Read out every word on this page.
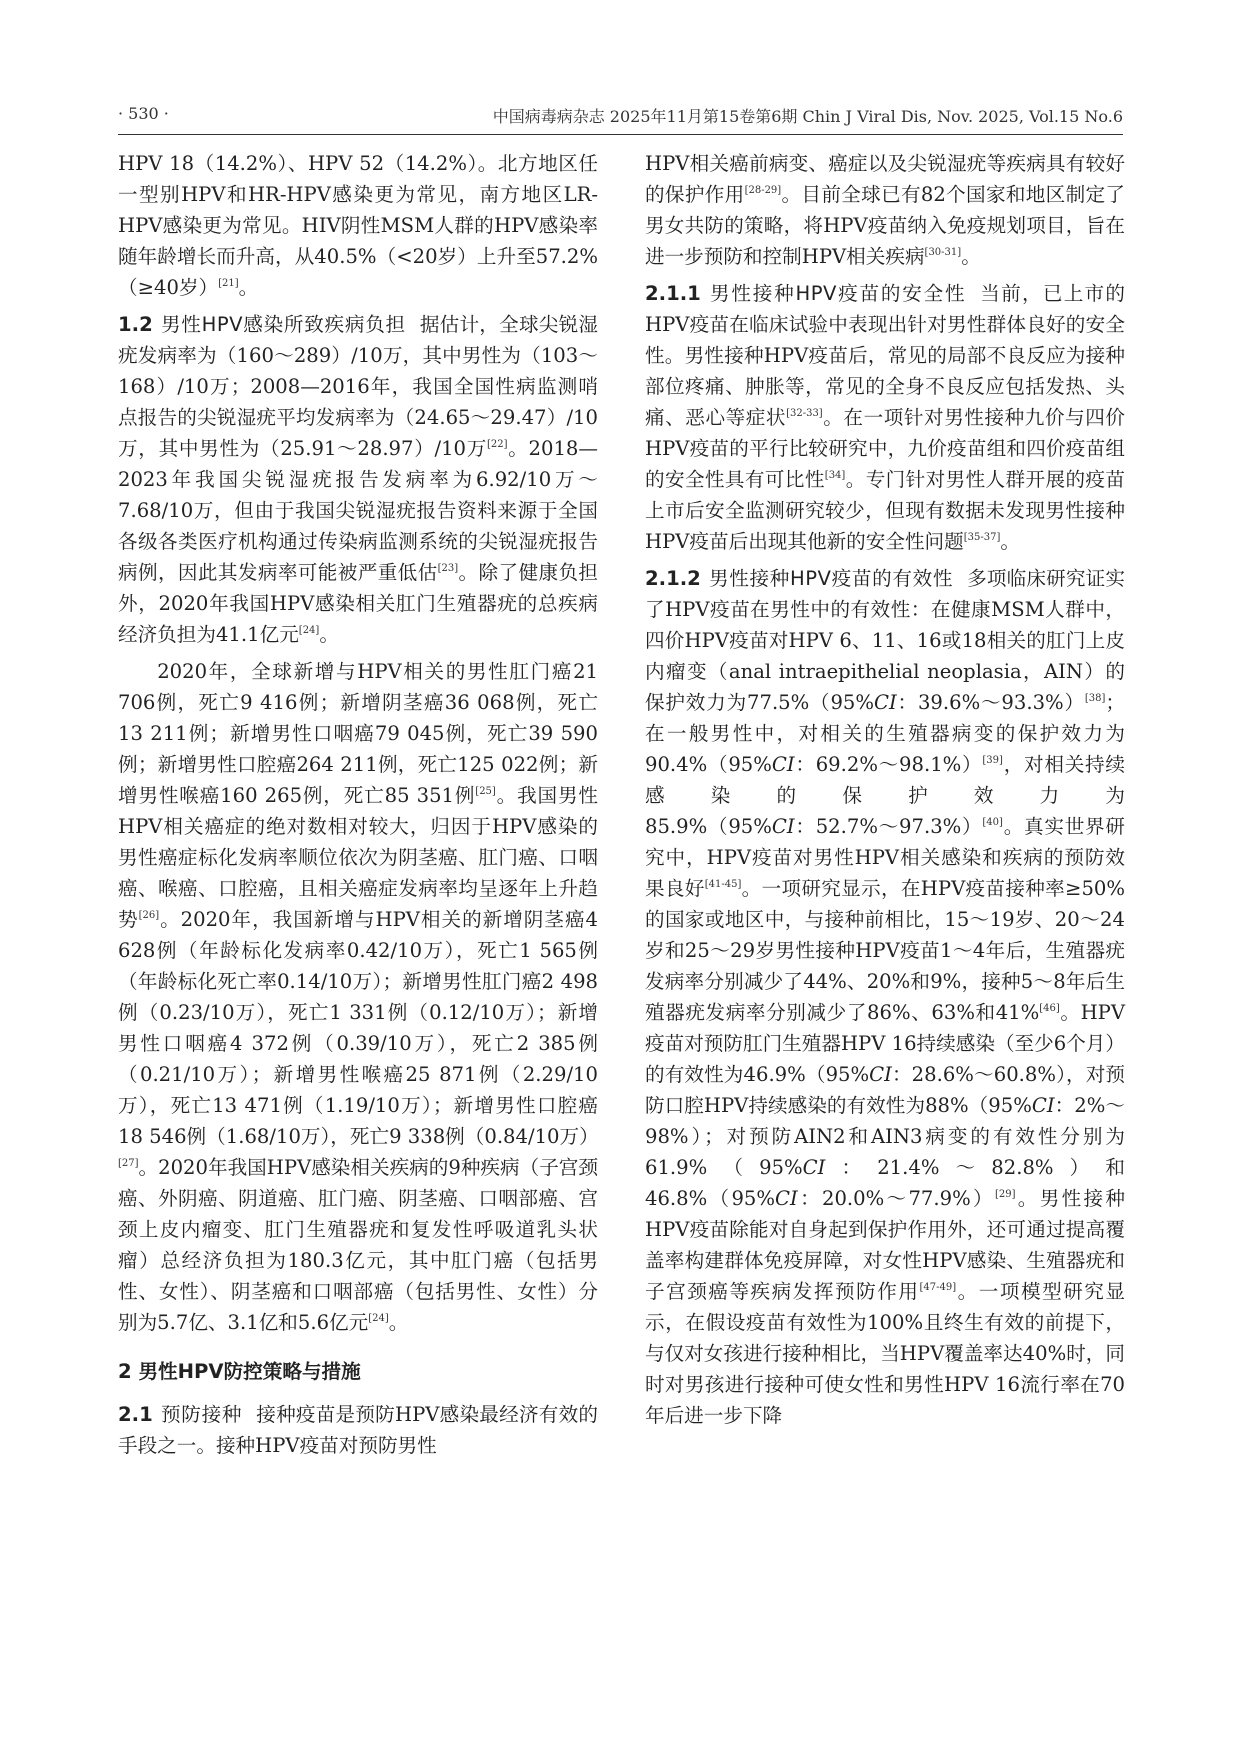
· 530 ·	中国病毒病杂志 2025年11月第15卷第6期 Chin J Viral Dis, Nov. 2025, Vol.15 No.6

HPV 18（14.2%）、HPV 52（14.2%）。北方地区任一型别HPV和HR-HPV感染更为常见，南方地区LR-HPV感染更为常见。HIV阴性MSM人群的HPV感染率随年龄增长而升高，从40.5%（<20岁）上升至57.2%（≥40岁）[21]。

1.2 男性HPV感染所致疾病负担 据估计，全球尖锐湿疣发病率为（160～289）/10万，其中男性为（103～168）/10万；2008—2016年，我国全国性病监测哨点报告的尖锐湿疣平均发病率为（24.65～29.47）/10万，其中男性为（25.91～28.97）/10万[22]。2018—2023年我国尖锐湿疣报告发病率为6.92/10万～7.68/10万，但由于我国尖锐湿疣报告资料来源于全国各级各类医疗机构通过传染病监测系统的尖锐湿疣报告病例，因此其发病率可能被严重低估[23]。除了健康负担外，2020年我国HPV感染相关肛门生殖器疣的总疾病经济负担为41.1亿元[24]。

2020年，全球新增与HPV相关的男性肛门癌21 706例，死亡9 416例；新增阴茎癌36 068例，死亡13 211例；新增男性口咽癌79 045例，死亡39 590例；新增男性口腔癌264 211例，死亡125 022例；新增男性喉癌160 265例，死亡85 351例[25]。我国男性HPV相关癌症的绝对数相对较大，归因于HPV感染的男性癌症标化发病率顺位依次为阴茎癌、肛门癌、口咽癌、喉癌、口腔癌，且相关癌症发病率均呈逐年上升趋势[26]。2020年，我国新增与HPV相关的新增阴茎癌4 628例（年龄标化发病率0.42/10万），死亡1 565例（年龄标化死亡率0.14/10万）；新增男性肛门癌2 498例（0.23/10万），死亡1 331例（0.12/10万）；新增男性口咽癌4 372例（0.39/10万），死亡2 385例（0.21/10万）；新增男性喉癌25 871例（2.29/10万），死亡13 471例（1.19/10万）；新增男性口腔癌18 546例（1.68/10万），死亡9 338例（0.84/10万）[27]。2020年我国HPV感染相关疾病的9种疾病（子宫颈癌、外阴癌、阴道癌、肛门癌、阴茎癌、口咽部癌、宫颈上皮内瘤变、肛门生殖器疣和复发性呼吸道乳头状瘤）总经济负担为180.3亿元，其中肛门癌（包括男性、女性）、阴茎癌和口咽部癌（包括男性、女性）分别为5.7亿、3.1亿和5.6亿元[24]。

2 男性HPV防控策略与措施

2.1 预防接种 接种疫苗是预防HPV感染最经济有效的手段之一。接种HPV疫苗对预防男性

HPV相关癌前病变、癌症以及尖锐湿疣等疾病具有较好的保护作用[28-29]。目前全球已有82个国家和地区制定了男女共防的策略，将HPV疫苗纳入免疫规划项目，旨在进一步预防和控制HPV相关疾病[30-31]。

2.1.1 男性接种HPV疫苗的安全性 当前，已上市的HPV疫苗在临床试验中表现出针对男性群体良好的安全性。男性接种HPV疫苗后，常见的局部不良反应为接种部位疼痛、肿胀等，常见的全身不良反应包括发热、头痛、恶心等症状[32-33]。在一项针对男性接种九价与四价HPV疫苗的平行比较研究中，九价疫苗组和四价疫苗组的安全性具有可比性[34]。专门针对男性人群开展的疫苗上市后安全监测研究较少，但现有数据未发现男性接种HPV疫苗后出现其他新的安全性问题[35-37]。

2.1.2 男性接种HPV疫苗的有效性 多项临床研究证实了HPV疫苗在男性中的有效性：在健康MSM人群中，四价HPV疫苗对HPV 6、11、16或18相关的肛门上皮内瘤变（anal intraepithelial neoplasia，AIN）的保护效力为77.5%（95%CI：39.6%～93.3%）[38]；在一般男性中，对相关的生殖器病变的保护效力为90.4%（95%CI：69.2%～98.1%）[39]，对相关持续感染的保护效力为85.9%（95%CI：52.7%～97.3%）[40]。真实世界研究中，HPV疫苗对男性HPV相关感染和疾病的预防效果良好[41-45]。一项研究显示，在HPV疫苗接种率≥50%的国家或地区中，与接种前相比，15～19岁、20～24岁和25～29岁男性接种HPV疫苗1～4年后，生殖器疣发病率分别减少了44%、20%和9%，接种5～8年后生殖器疣发病率分别减少了86%、63%和41%[46]。HPV疫苗对预防肛门生殖器HPV 16持续感染（至少6个月）的有效性为46.9%（95%CI：28.6%～60.8%），对预防口腔HPV持续感染的有效性为88%（95%CI：2%～98%）；对预防AIN2和AIN3病变的有效性分别为61.9%（95%CI：21.4%～82.8%）和46.8%（95%CI：20.0%～77.9%）[29]。男性接种HPV疫苗除能对自身起到保护作用外，还可通过提高覆盖率构建群体免疫屏障，对女性HPV感染、生殖器疣和子宫颈癌等疾病发挥预防作用[47-49]。一项模型研究显示，在假设疫苗有效性为100%且终生有效的前提下，与仅对女孩进行接种相比，当HPV覆盖率达40%时，同时对男孩进行接种可使女性和男性HPV 16流行率在70年后进一步下降
